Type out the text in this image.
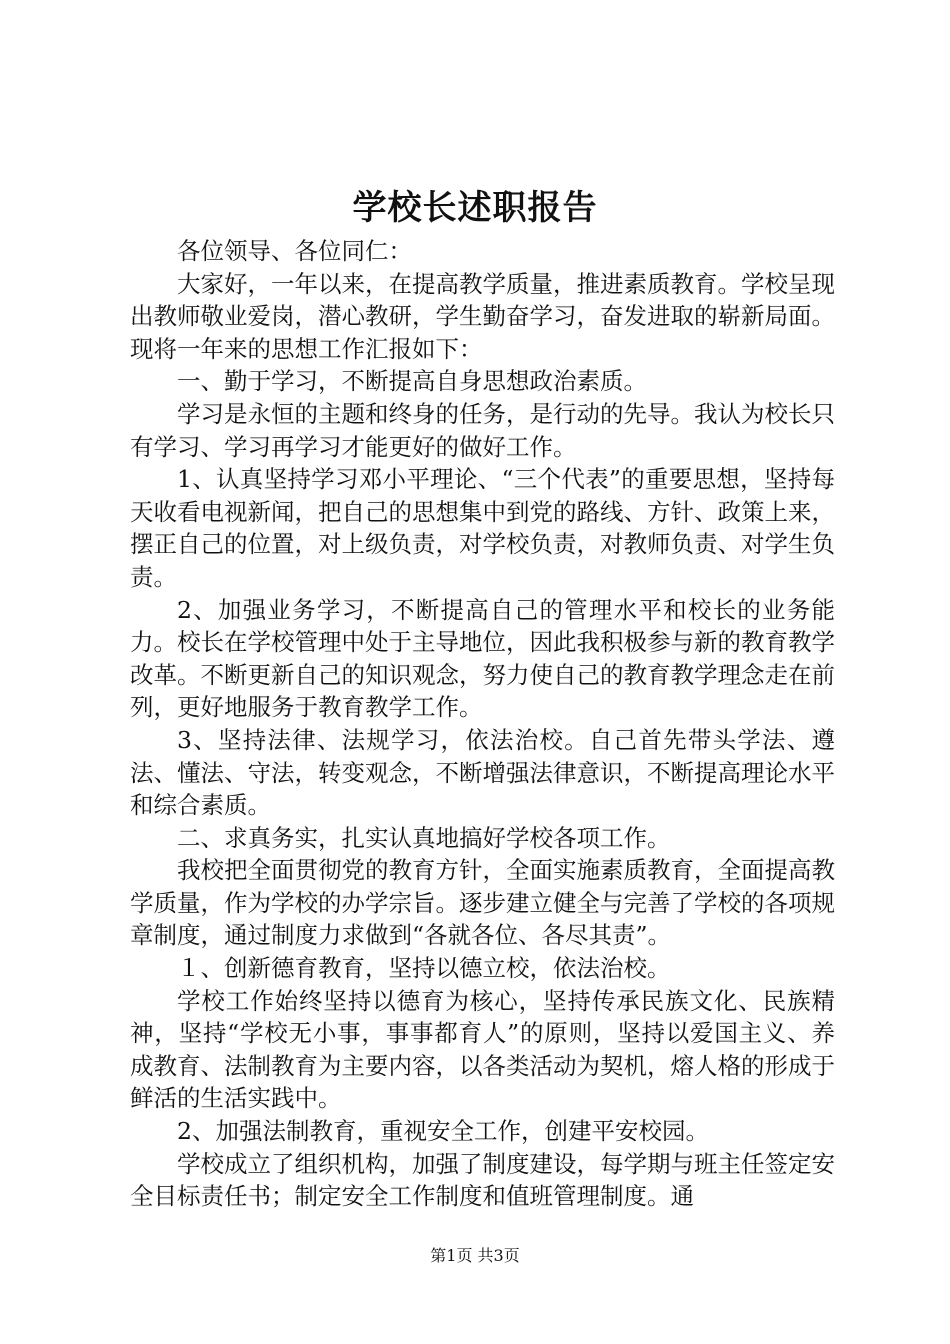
学校长述职报告

各位领导、各位同仁：

大家好，一年以来，在提高教学质量，推进素质教育。学校呈现出教师敬业爱岗，潜心教研，学生勤奋学习，奋发进取的崭新局面。现将一年来的思想工作汇报如下：

一、勤于学习，不断提高自身思想政治素质。

学习是永恒的主题和终身的任务，是行动的先导。我认为校长只有学习、学习再学习才能更好的做好工作。

1、认真坚持学习邓小平理论、“三个代表”的重要思想，坚持每天收看电视新闻，把自己的思想集中到党的路线、方针、政策上来，摆正自己的位置，对上级负责，对学校负责，对教师负责、对学生负责。

2、加强业务学习，不断提高自己的管理水平和校长的业务能力。校长在学校管理中处于主导地位，因此我积极参与新的教育教学改革。不断更新自己的知识观念，努力使自己的教育教学理念走在前列，更好地服务于教育教学工作。

3、坚持法律、法规学习，依法治校。自己首先带头学法、遵法、懂法、守法，转变观念，不断增强法律意识，不断提高理论水平和综合素质。

二、求真务实，扎实认真地搞好学校各项工作。

我校把全面贯彻党的教育方针，全面实施素质教育，全面提高教学质量，作为学校的办学宗旨。逐步建立健全与完善了学校的各项规章制度，通过制度力求做到“各就各位、各尽其责”。

１、创新德育教育，坚持以德立校，依法治校。

学校工作始终坚持以德育为核心，坚持传承民族文化、民族精神，坚持“学校无小事，事事都育人”的原则，坚持以爱国主义、养成教育、法制教育为主要内容，以各类活动为契机，熔人格的形成于鲜活的生活实践中。

2、加强法制教育，重视安全工作，创建平安校园。

学校成立了组织机构，加强了制度建设，每学期与班主任签定安全目标责任书；制定安全工作制度和值班管理制度。通

第1页 共3页
